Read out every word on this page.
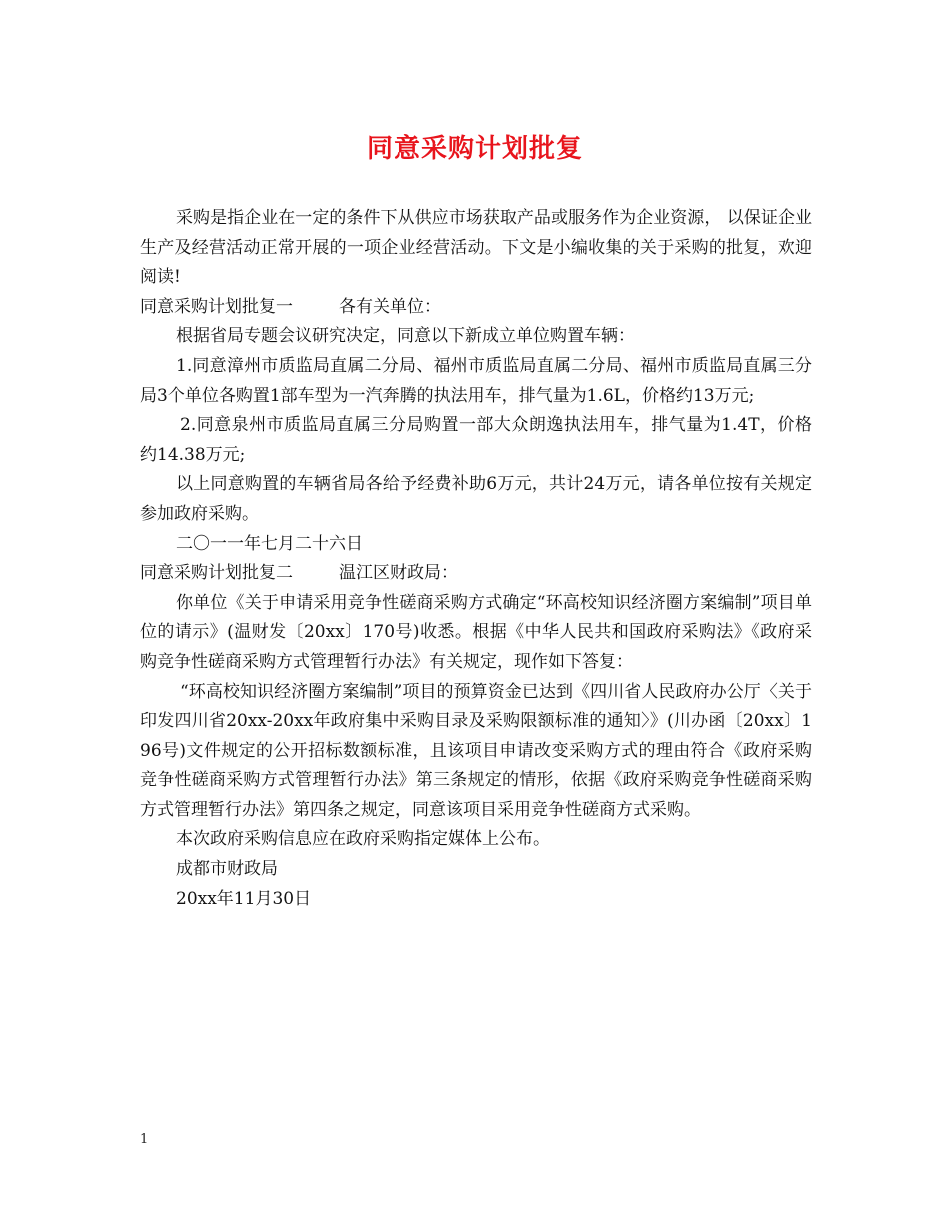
同意采购计划批复

采购是指企业在一定的条件下从供应市场获取产品或服务作为企业资源， 以保证企业生产及经营活动正常开展的一项企业经营活动。下文是小编收集的关于采购的批复，欢迎阅读!

同意采购计划批复一	各有关单位：

根据省局专题会议研究决定，同意以下新成立单位购置车辆：

1.同意漳州市质监局直属二分局、福州市质监局直属二分局、福州市质监局直属三分局3个单位各购置1部车型为一汽奔腾的执法用车，排气量为1.6L，价格约13万元;

2.同意泉州市质监局直属三分局购置一部大众朗逸执法用车，排气量为1.4T，价格约14.38万元;

以上同意购置的车辆省局各给予经费补助6万元，共计24万元，请各单位按有关规定参加政府采购。

二〇一一年七月二十六日

同意采购计划批复二	温江区财政局：

你单位《关于申请采用竞争性磋商采购方式确定“环高校知识经济圈方案编制”项目单位的请示》(温财发〔20xx〕170号)收悉。根据《中华人民共和国政府采购法》《政府采购竞争性磋商采购方式管理暂行办法》有关规定，现作如下答复：

“环高校知识经济圈方案编制”项目的预算资金已达到《四川省人民政府办公厅〈关于印发四川省20xx-20xx年政府集中采购目录及采购限额标准的通知〉》(川办函〔20xx〕196号)文件规定的公开招标数额标准，且该项目申请改变采购方式的理由符合《政府采购竞争性磋商采购方式管理暂行办法》第三条规定的情形，依据《政府采购竞争性磋商采购方式管理暂行办法》第四条之规定，同意该项目采用竞争性磋商方式采购。

本次政府采购信息应在政府采购指定媒体上公布。

成都市财政局

20xx年11月30日

1
